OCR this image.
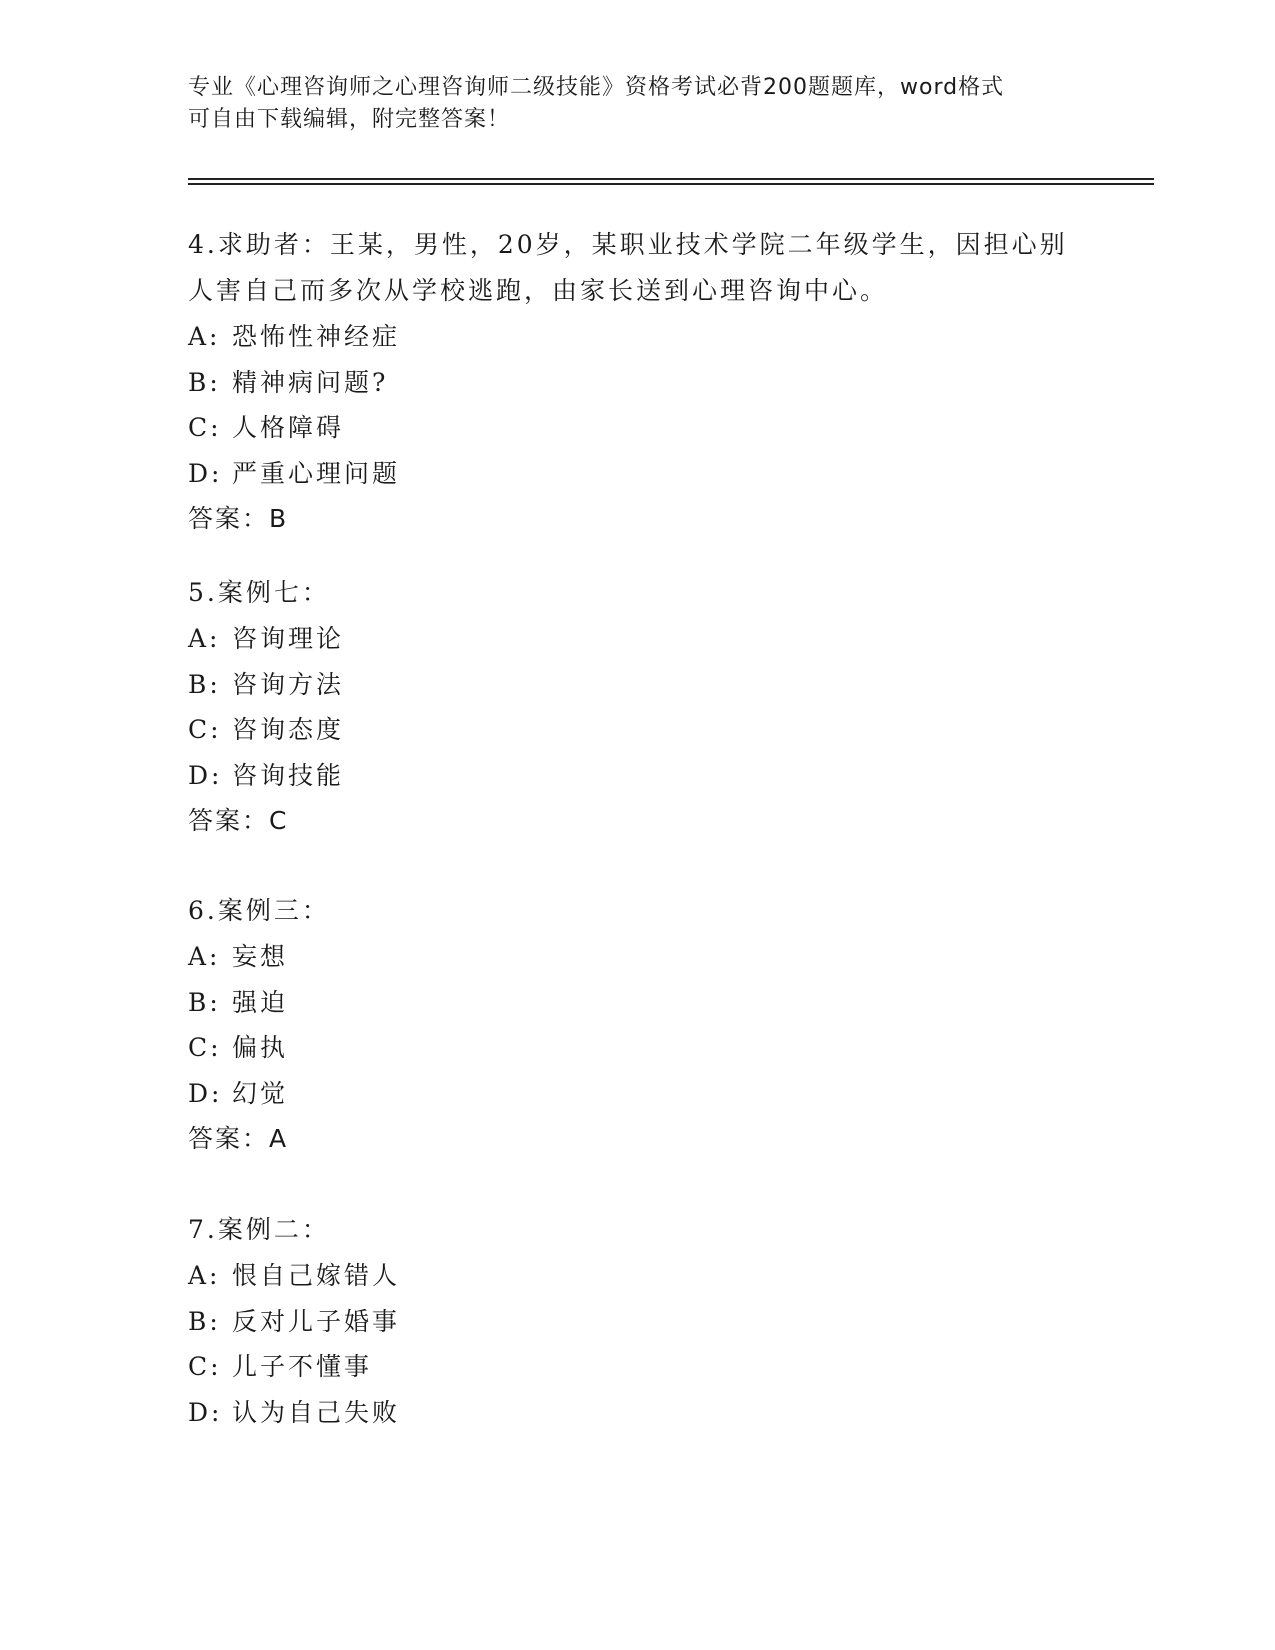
专业《心理咨询师之心理咨询师二级技能》资格考试必背200题题库，word格式
可自由下载编辑，附完整答案！
4.求助者：王某，男性，20岁，某职业技术学院二年级学生，因担心别人害自己而多次从学校逃跑，由家长送到心理咨询中心。
A: 恐怖性神经症
B: 精神病问题?
C: 人格障碍
D: 严重心理问题
答案：B
5.案例七：
A: 咨询理论
B: 咨询方法
C: 咨询态度
D: 咨询技能
答案：C
6.案例三：
A: 妄想
B: 强迫
C: 偏执
D: 幻觉
答案：A
7.案例二：
A: 恨自己嫁错人
B: 反对儿子婚事
C: 儿子不懂事
D: 认为自己失败
